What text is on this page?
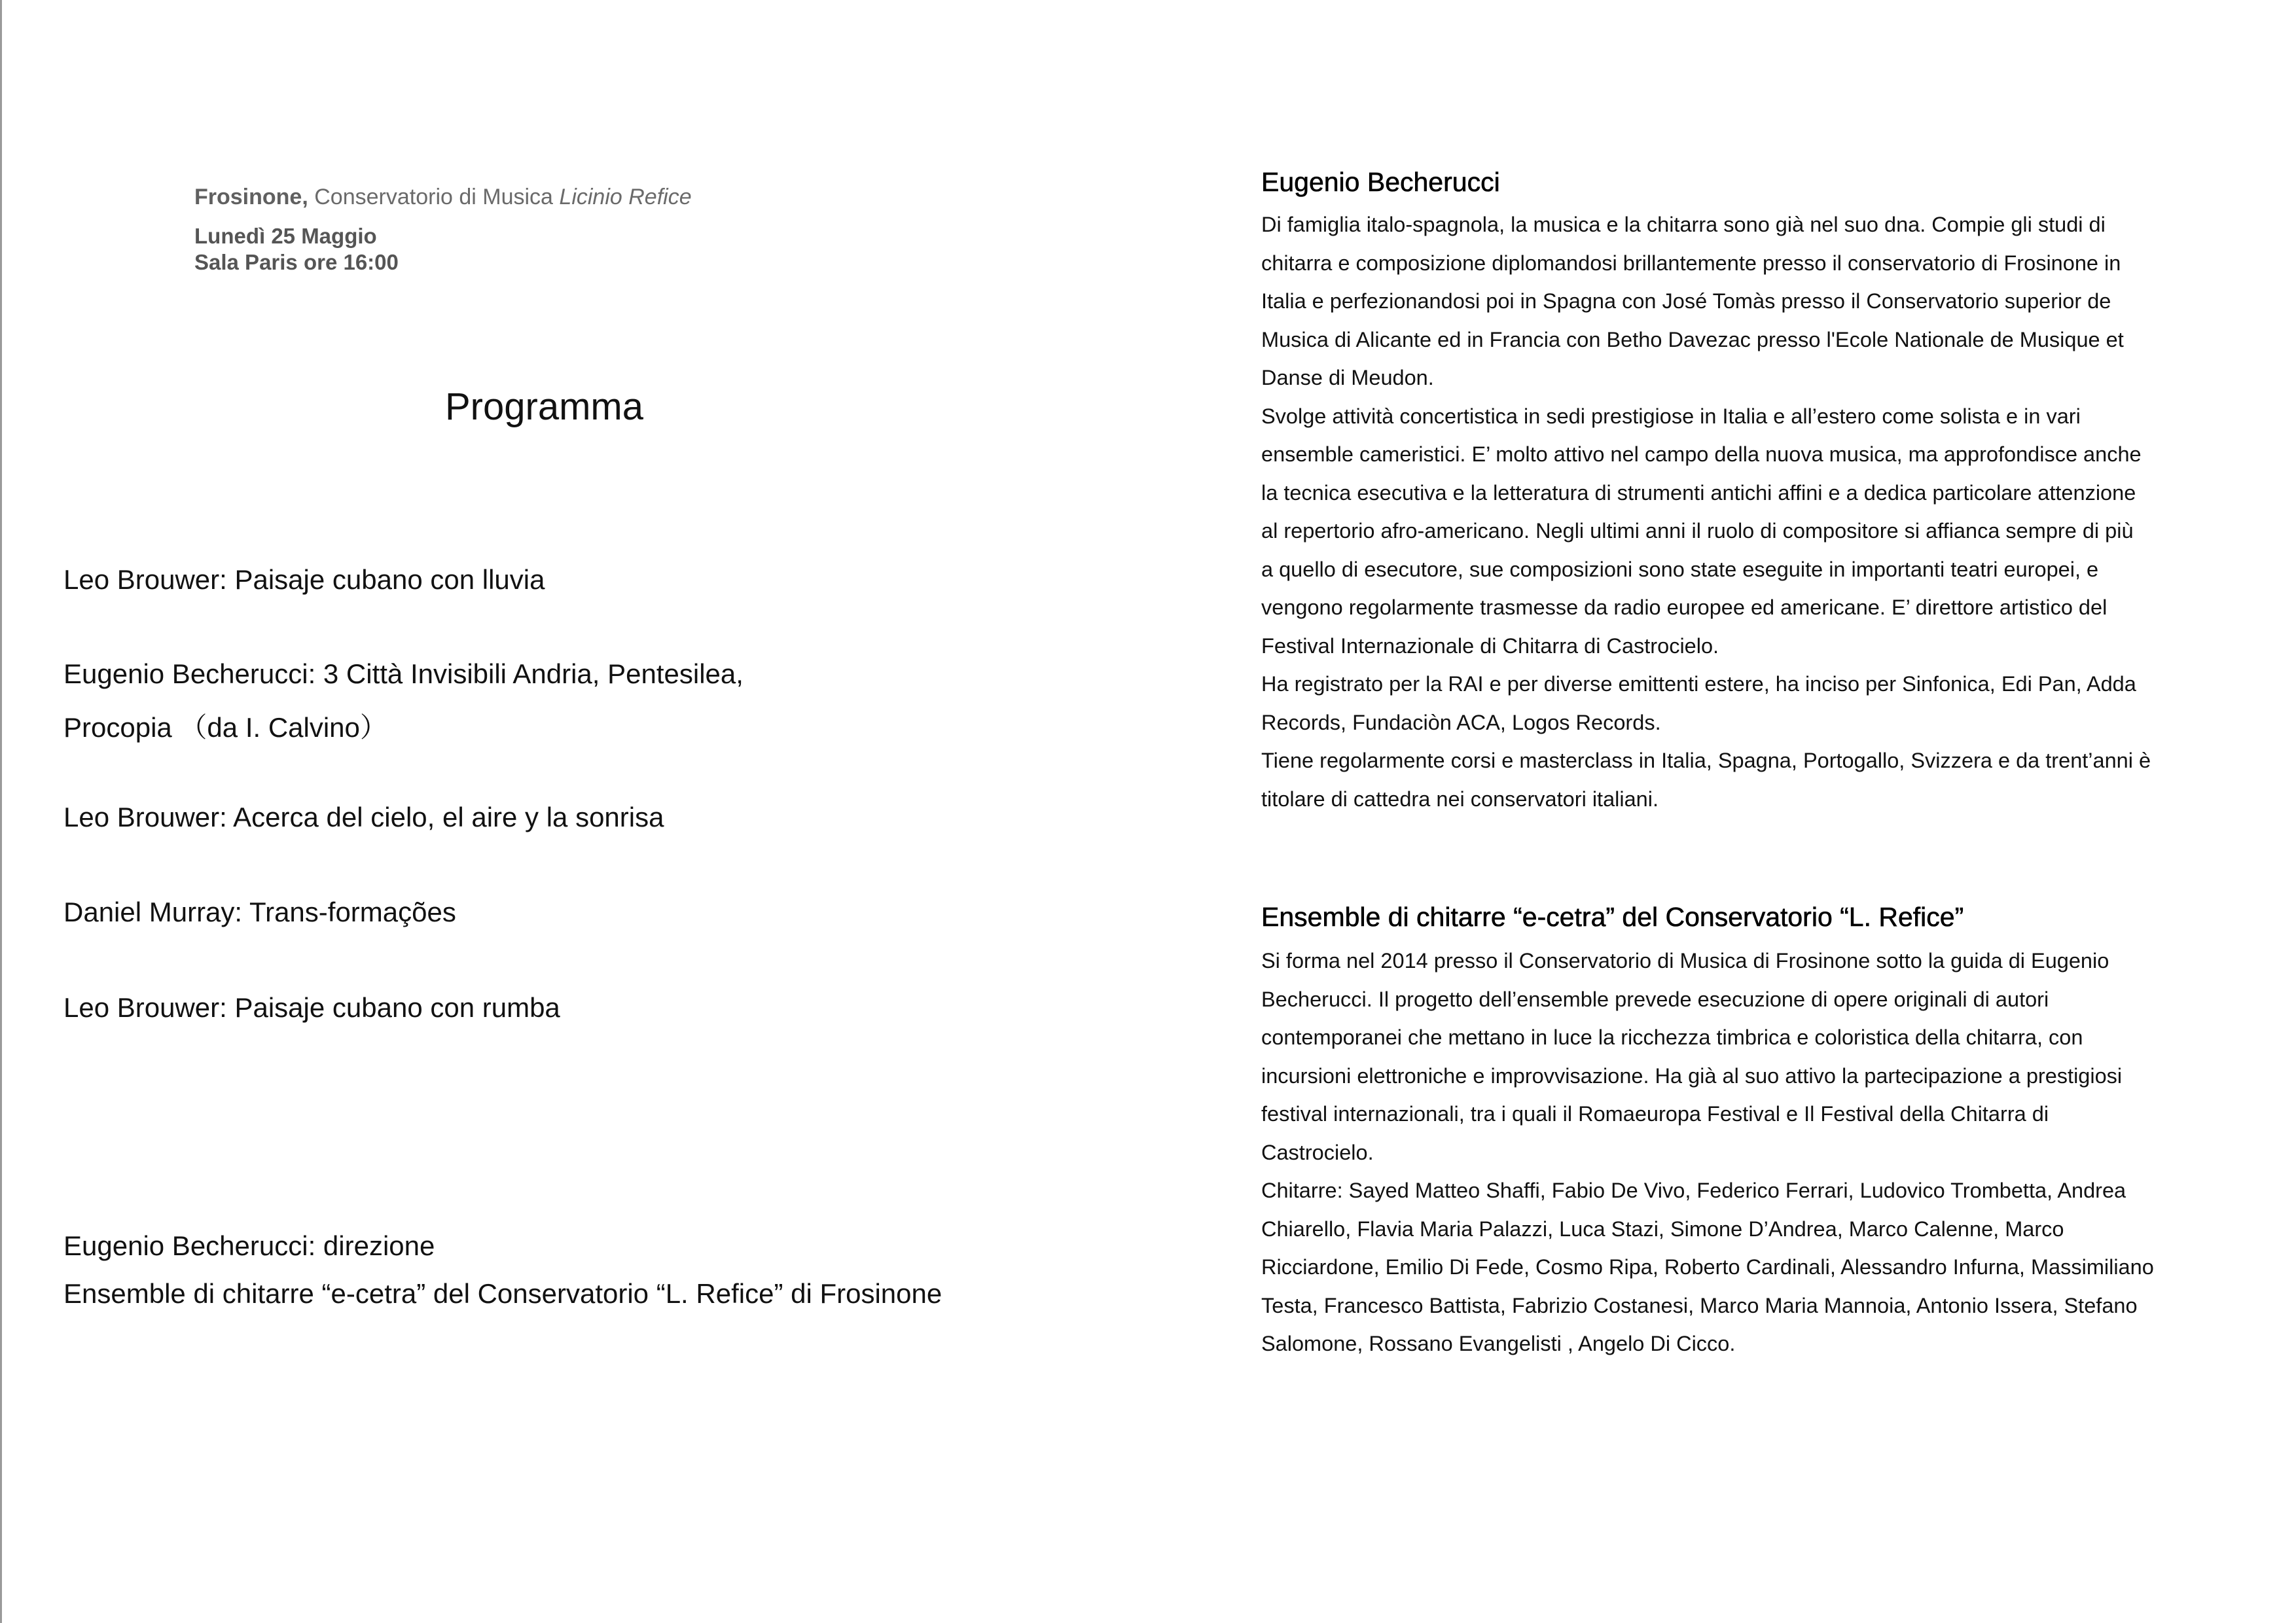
Frosinone, Conservatorio di Musica Licinio Refice
Lunedì 25 Maggio
Sala Paris ore 16:00
Programma
Leo Brouwer: Paisaje cubano con lluvia
Eugenio Becherucci: 3 Città Invisibili Andria, Pentesilea,
Procopia （da I. Calvino）
Leo Brouwer: Acerca del cielo, el aire y la sonrisa
Daniel Murray: Trans-formações
Leo Brouwer: Paisaje cubano con rumba
Eugenio Becherucci: direzione
Ensemble di chitarre “e-cetra” del Conservatorio “L. Refice” di Frosinone
Eugenio Becherucci
Di famiglia italo-spagnola, la musica e la chitarra sono già nel suo dna. Compie gli studi di
chitarra e composizione diplomandosi brillantemente presso il conservatorio di Frosinone in
Italia e perfezionandosi poi in Spagna con José Tomàs presso il Conservatorio superior de
Musica di Alicante ed in Francia con Betho Davezac presso l'Ecole Nationale de Musique et
Danse di Meudon.
Svolge attività concertistica in sedi prestigiose in Italia e all’estero come solista e in vari
ensemble cameristici. E’ molto attivo nel campo della nuova musica, ma approfondisce anche
la tecnica esecutiva e la letteratura di strumenti antichi affini e a dedica particolare attenzione
al repertorio afro-americano. Negli ultimi anni il ruolo di compositore si affianca sempre di più
a quello di esecutore, sue composizioni sono state eseguite in importanti teatri europei, e
vengono regolarmente trasmesse da radio europee ed americane. E’ direttore artistico del
Festival Internazionale di Chitarra di Castrocielo.
Ha registrato per la RAI e per diverse emittenti estere, ha inciso per Sinfonica, Edi Pan, Adda
Records, Fundaciòn ACA, Logos Records.
Tiene regolarmente corsi e masterclass in Italia, Spagna, Portogallo, Svizzera e da trent’anni è
titolare di cattedra nei conservatori italiani.
Ensemble di chitarre “e-cetra” del Conservatorio “L. Refice”
Si forma nel 2014 presso il Conservatorio di Musica di Frosinone sotto la guida di Eugenio
Becherucci. Il progetto dell’ensemble prevede esecuzione di opere originali di autori
contemporanei che mettano in luce la ricchezza timbrica e coloristica della chitarra, con
incursioni elettroniche e improvvisazione. Ha già al suo attivo la partecipazione a prestigiosi
festival internazionali, tra i quali il Romaeuropa Festival e Il Festival della Chitarra di
Castrocielo.
Chitarre: Sayed Matteo Shaffi, Fabio De Vivo, Federico Ferrari, Ludovico Trombetta, Andrea
Chiarello, Flavia Maria Palazzi, Luca Stazi, Simone D’Andrea, Marco Calenne, Marco
Ricciardone, Emilio Di Fede, Cosmo Ripa, Roberto Cardinali, Alessandro Infurna, Massimiliano
Testa, Francesco Battista, Fabrizio Costanesi, Marco Maria Mannoia, Antonio Issera, Stefano
Salomone, Rossano Evangelisti , Angelo Di Cicco.
